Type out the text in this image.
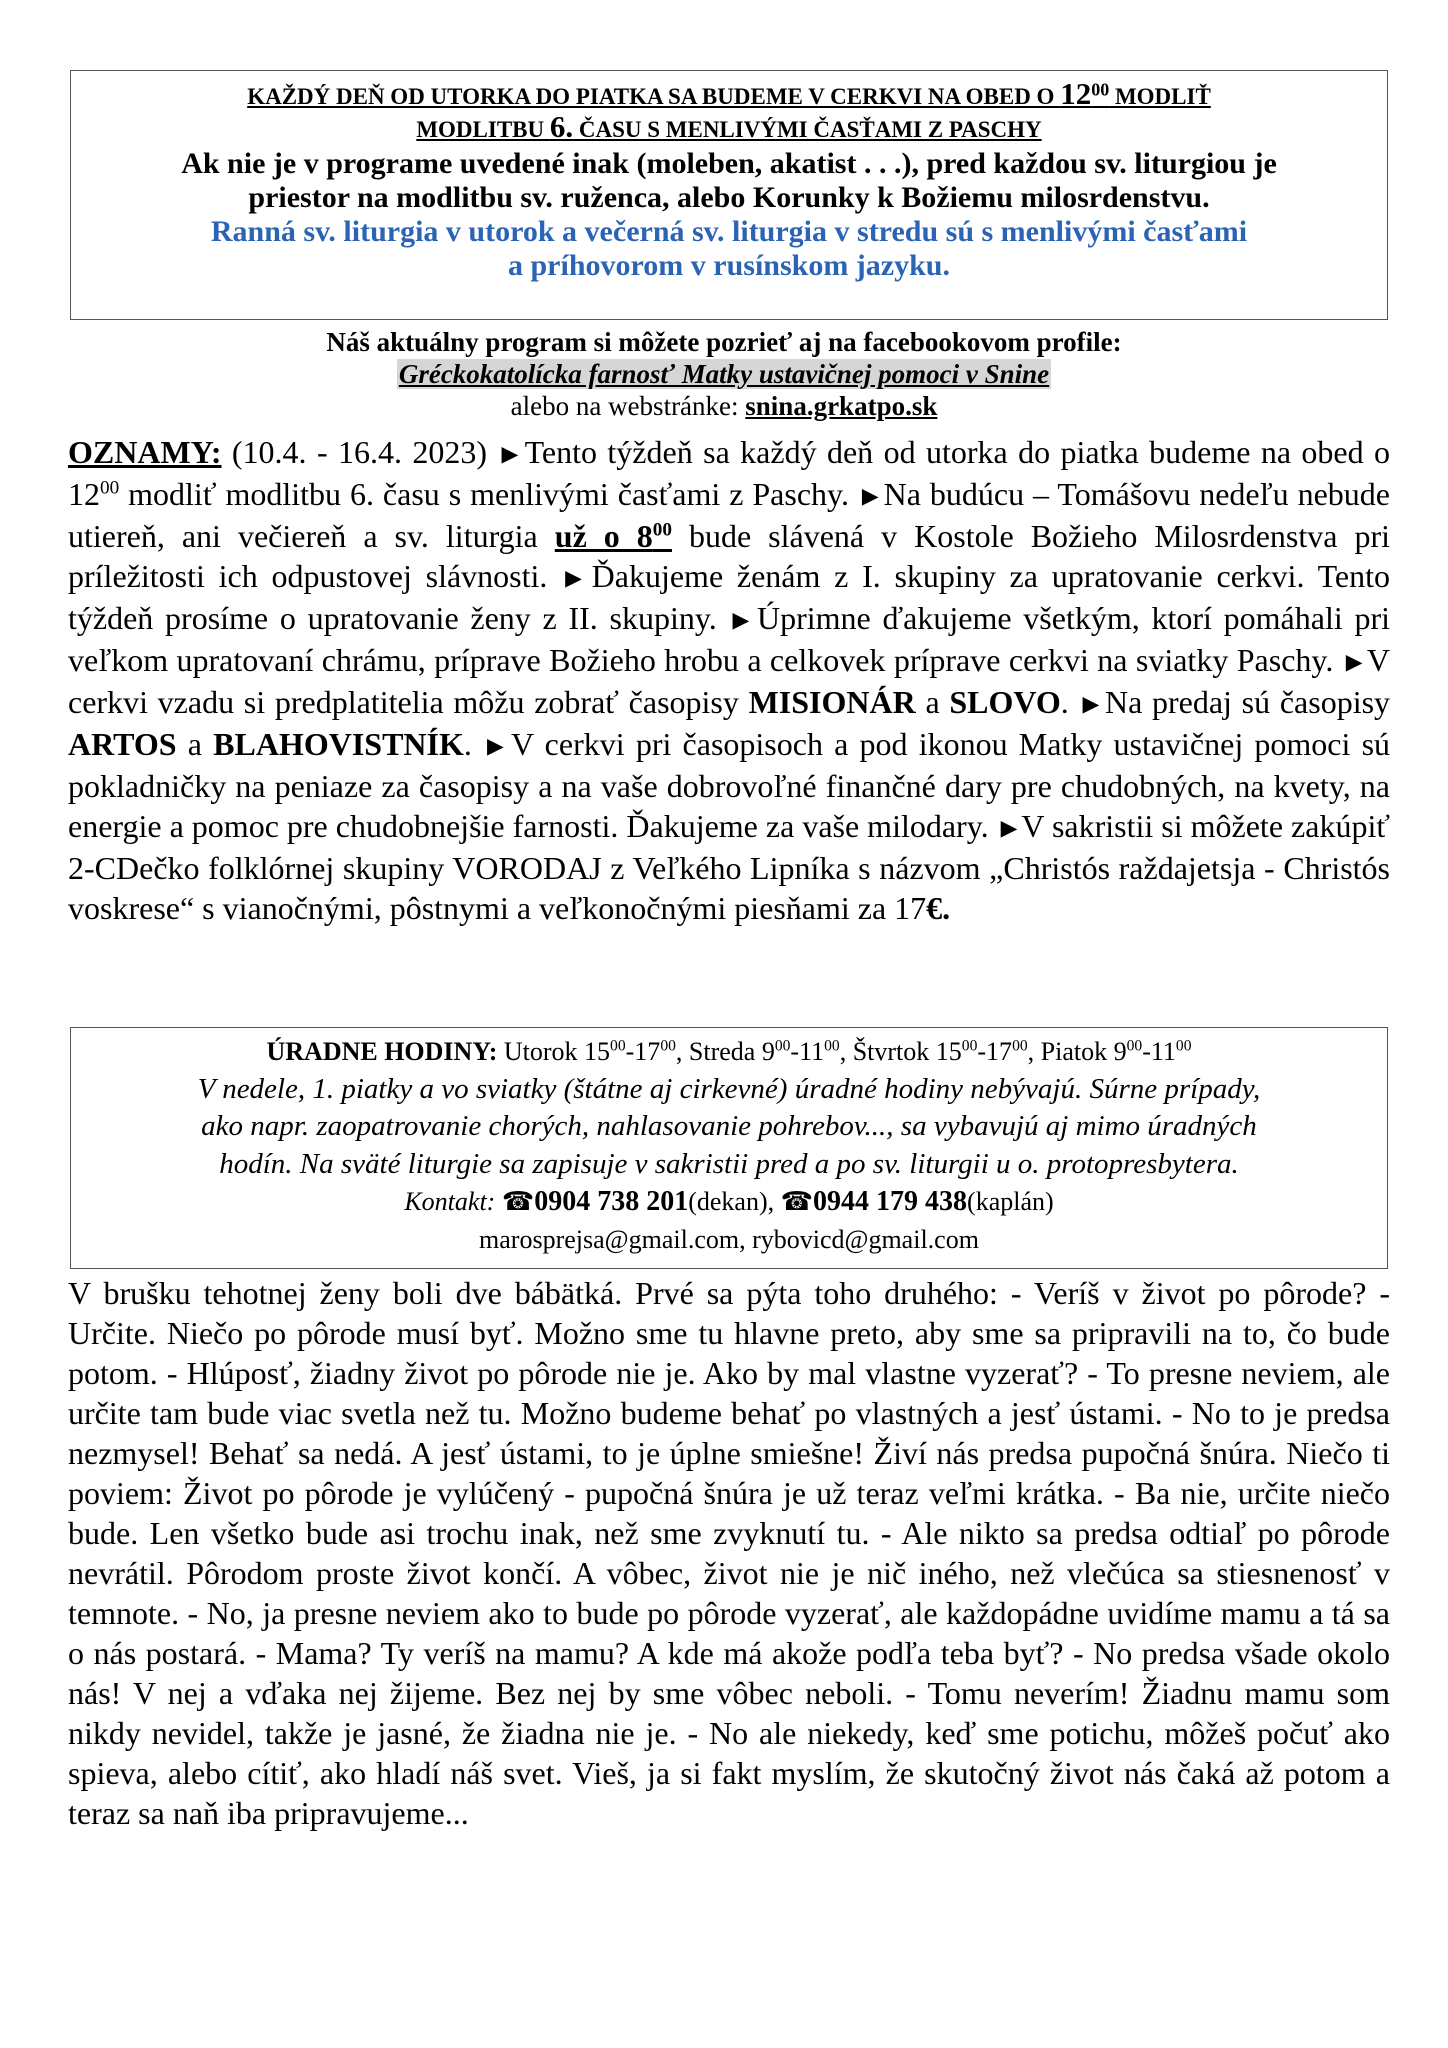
KAŽDÝ DEŇ OD UTORKA DO PIATKA SA BUDEME V CERKVI NA OBED O $12^{00}$ MODLIŤ
MODLITBU 6. ČASU S MENLIVÝMI ČASŤAMI Z PASCHY
Ak nie je v programe uvedené inak (moleben, akatist . . .), pred každou sv. liturgiou je
priestor na modlitbu sv. ruženca, alebo Korunky k Božiemu milosrdenstvu.
Ranná sv. liturgia v utorok a večerná sv. liturgia v stredu sú s menlivými časťami
a príhovorom v rusínskom jazyku.
Náš aktuálny program si môžete pozrieť aj na facebookovom profile:
Gréckokatolícka farnosť Matky ustavičnej pomoci v Snine
alebo na webstránke: snina.grkatpo.sk
OZNAMY: (10.4. - 16.4. 2023) ▶ Tento týždeň sa každý deň od utorka do piatka budeme na obed o $12^{00}$ modliť modlitbu 6. času s menlivými časťami z Paschy. ▶ Na budúcu – Tomášovu nedeľu nebude utiereň, ani večiereň a sv. liturgia už o $8^{00}$ bude slávená v Kostole Božieho Milosrdenstva pri príležitosti ich odpustovej slávnosti. ▶ Ďakujeme ženám z I. skupiny za upratovanie cerkvi. Tento týždeň prosíme o upratovanie ženy z II. skupiny. ▶ Úprimne ďakujeme všetkým, ktorí pomáhali pri veľkom upratovaní chrámu, príprave Božieho hrobu a celkovek príprave cerkvi na sviatky Paschy. ▶ V cerkvi vzadu si predplatitelia môžu zobrať časopisy MISIONÁR a SLOVO. ▶ Na predaj sú časopisy ARTOS a BLAHOVISTNÍK. ▶ V cerkvi pri časopisoch a pod ikonou Matky ustavičnej pomoci sú pokladničky na peniaze za časopisy a na vaše dobrovoľné finančné dary pre chudobných, na kvety, na energie a pomoc pre chudobnejšie farnosti. Ďakujeme za vaše milodary. ▶ V sakristii si môžete zakúpiť 2-CDečko folklórnej skupiny VORODAJ z Veľkého Lipníka s názvom „Christós raždajetsja - Christós voskrese“ s vianočnými, pôstnymi a veľkonočnými piesňami za 17€.
ÚRADNE HODINY: Utorok $15^{00}-17^{00}$, Streda $9^{00}-11^{00}$, Štvrtok $15^{00}-17^{00}$, Piatok $9^{00}-11^{00}$
V nedele, 1. piatky a vo sviatky (štátne aj cirkevné) úradné hodiny nebývajú. Súrne prípady,
ako napr. zaopatrovanie chorých, nahlasovanie pohrebov..., sa vybavujú aj mimo úradných
hodín. Na sväté liturgie sa zapisuje v sakristii pred a po sv. liturgii u o. protopresbytera.
Kontakt: ☎0904 738 201(dekan), ☎0944 179 438(kaplán)
marosprejsa@gmail.com, rybovicd@gmail.com
V brušku tehotnej ženy boli dve bábätká. Prvé sa pýta toho druhého: - Veríš v život po pôrode? - Určite. Niečo po pôrode musí byť. Možno sme tu hlavne preto, aby sme sa pripravili na to, čo bude potom. - Hlúposť, žiadny život po pôrode nie je. Ako by mal vlastne vyzerať? - To presne neviem, ale určite tam bude viac svetla než tu. Možno budeme behať po vlastných a jesť ústami. - No to je predsa nezmysel! Behať sa nedá. A jesť ústami, to je úplne smiešne! Živí nás predsa pupočná šnúra. Niečo ti poviem: Život po pôrode je vylúčený - pupočná šnúra je už teraz veľmi krátka. - Ba nie, určite niečo bude. Len všetko bude asi trochu inak, než sme zvyknutí tu. - Ale nikto sa predsa odtiaľ po pôrode nevrátil. Pôrodom proste život končí. A vôbec, život nie je nič iného, než vlečúca sa stiesnenosť v temnote. - No, ja presne neviem ako to bude po pôrode vyzerať, ale každopádne uvidíme mamu a tá sa o nás postará. - Mama? Ty veríš na mamu? A kde má akože podľa teba byť? - No predsa všade okolo nás! V nej a vďaka nej žijeme. Bez nej by sme vôbec neboli. - Tomu neverím! Žiadnu mamu som nikdy nevidel, takže je jasné, že žiadna nie je. - No ale niekedy, keď sme potichu, môžeš počuť ako spieva, alebo cítiť, ako hladí náš svet. Vieš, ja si fakt myslím, že skutočný život nás čaká až potom a teraz sa naň iba pripravujeme...
